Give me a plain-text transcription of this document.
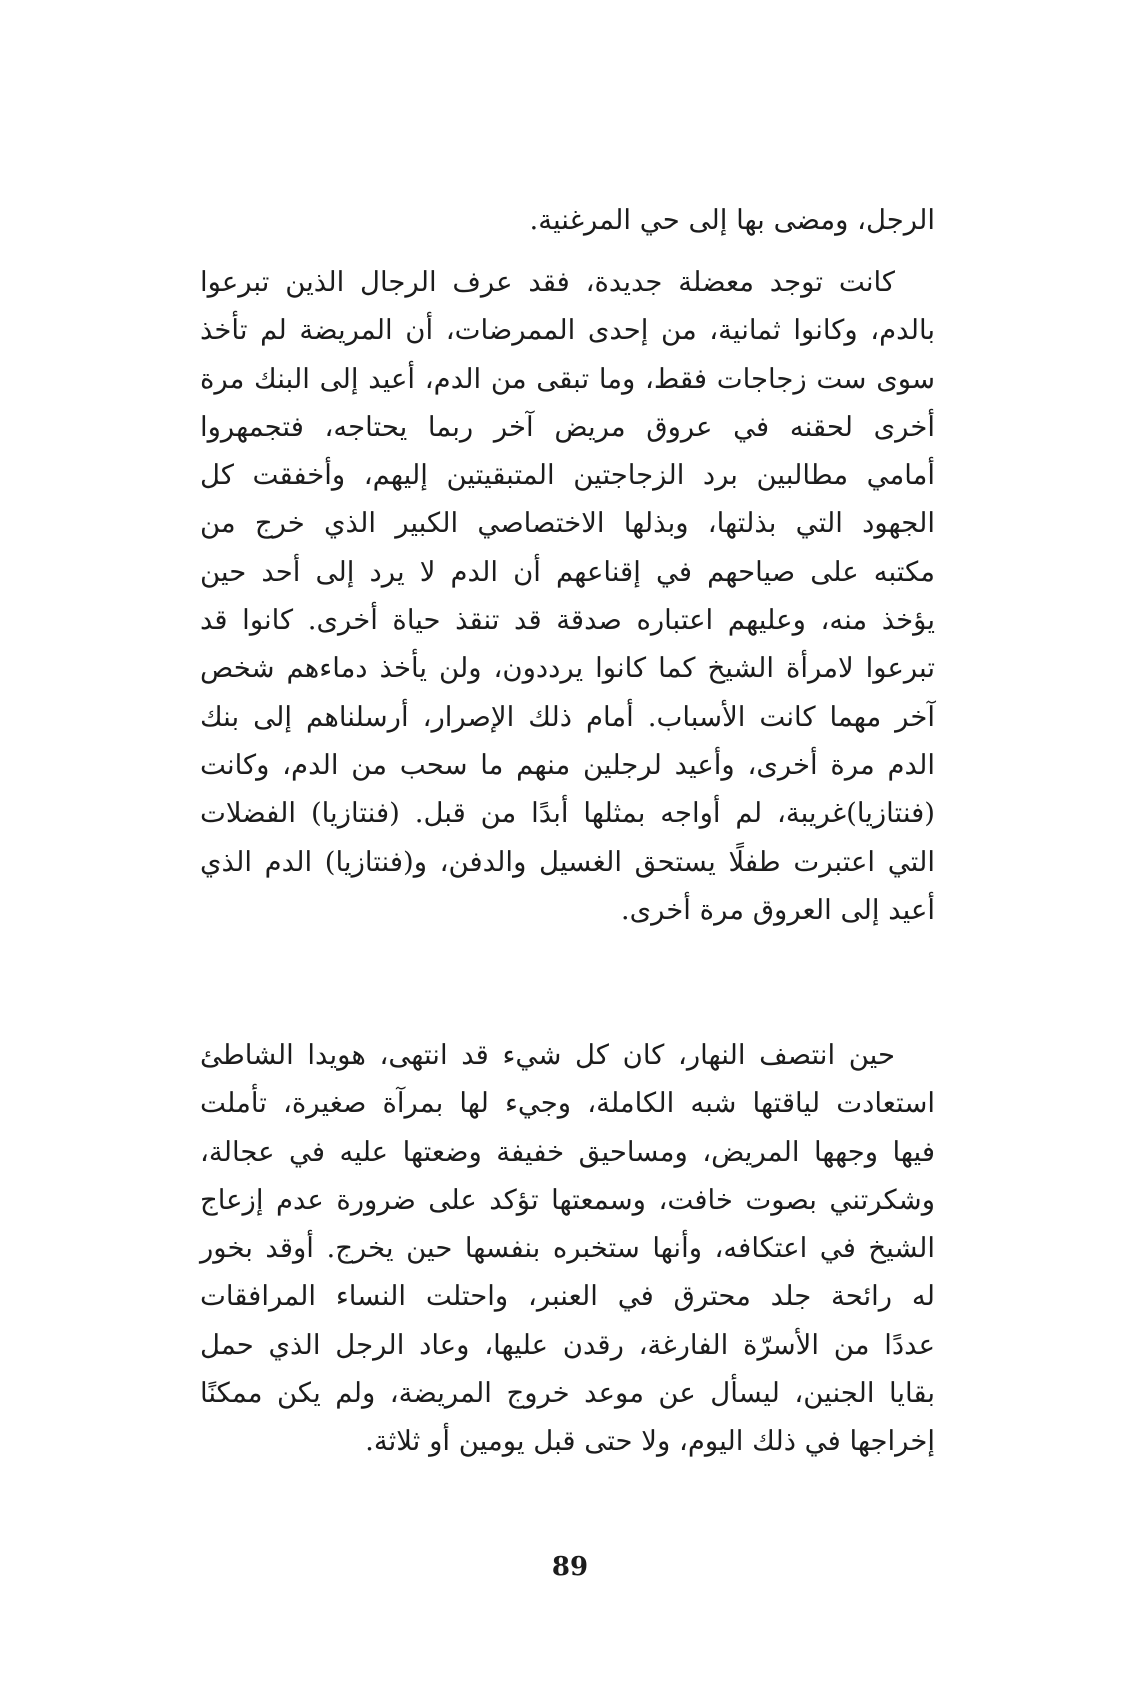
الرجل، ومضى بها إلى حي المرغنية.
كانت توجد معضلة جديدة، فقد عرف الرجال الذين تبرعوا
بالدم، وكانوا ثمانية، من إحدى الممرضات، أن المريضة لم تأخذ
سوى ست زجاجات فقط، وما تبقى من الدم، أعيد إلى البنك مرة
أخرى لحقنه في عروق مريض آخر ربما يحتاجه، فتجمهروا
أمامي مطالبين برد الزجاجتين المتبقيتين إليهم، وأخفقت كل
الجهود التي بذلتها، وبذلها الاختصاصي الكبير الذي خرج من
مكتبه على صياحهم في إقناعهم أن الدم لا يرد إلى أحد حين
يؤخذ منه، وعليهم اعتباره صدقة قد تنقذ حياة أخرى. كانوا قد
تبرعوا لامرأة الشيخ كما كانوا يرددون، ولن يأخذ دماءهم شخص
آخر مهما كانت الأسباب. أمام ذلك الإصرار، أرسلناهم إلى بنك
الدم مرة أخرى، وأعيد لرجلين منهم ما سحب من الدم، وكانت
(فنتازيا)غريبة، لم أواجه بمثلها أبدًا من قبل. (فنتازيا) الفضلات
التي اعتبرت طفلًا يستحق الغسيل والدفن، و(فنتازيا) الدم الذي
أعيد إلى العروق مرة أخرى.
حين انتصف النهار، كان كل شيء قد انتهى، هويدا الشاطئ
استعادت لياقتها شبه الكاملة، وجيء لها بمرآة صغيرة، تأملت
فيها وجهها المريض، ومساحيق خفيفة وضعتها عليه في عجالة،
وشكرتني بصوت خافت، وسمعتها تؤكد على ضرورة عدم إزعاج
الشيخ في اعتكافه، وأنها ستخبره بنفسها حين يخرج. أوقد بخور
له رائحة جلد محترق في العنبر، واحتلت النساء المرافقات
عددًا من الأسرّة الفارغة، رقدن عليها، وعاد الرجل الذي حمل
بقايا الجنين، ليسأل عن موعد خروج المريضة، ولم يكن ممكنًا
إخراجها في ذلك اليوم، ولا حتى قبل يومين أو ثلاثة.
89
